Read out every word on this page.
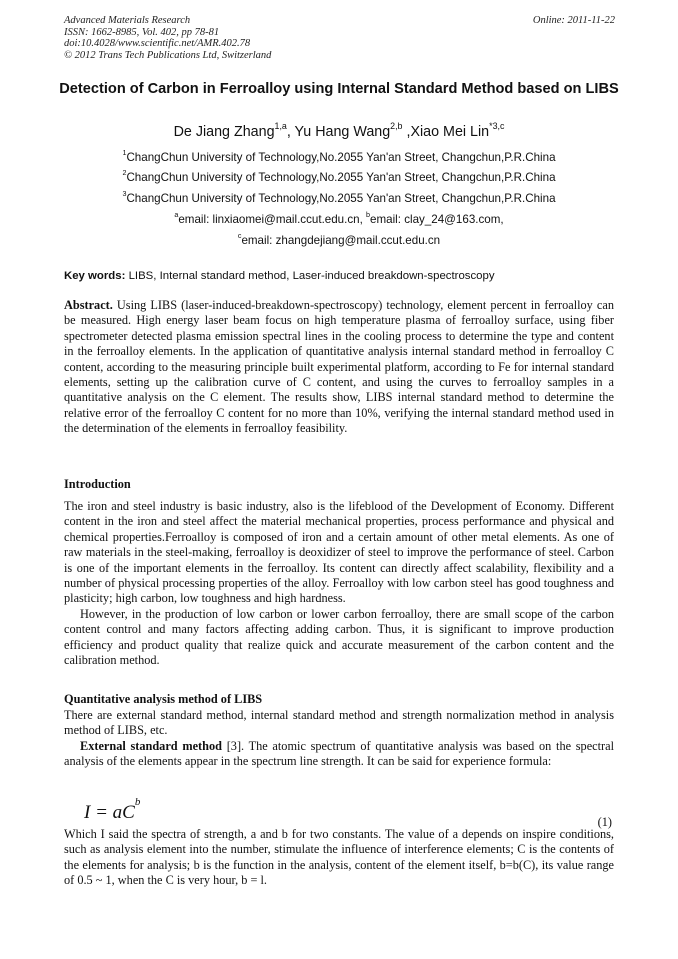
Advanced Materials Research
ISSN: 1662-8985, Vol. 402, pp 78-81
doi:10.4028/www.scientific.net/AMR.402.78
© 2012 Trans Tech Publications Ltd, Switzerland
Online: 2011-11-22
Detection of Carbon in Ferroalloy using Internal Standard Method based on LIBS
De Jiang Zhang$^{1,a}$, Yu Hang Wang$^{2,b}$ ,Xiao Mei Lin$^{*3,c}$
$^1$ChangChun University of Technology,No.2055 Yan'an Street, Changchun,P.R.China
$^2$ChangChun University of Technology,No.2055 Yan'an Street, Changchun,P.R.China
$^3$ChangChun University of Technology,No.2055 Yan'an Street, Changchun,P.R.China
$^a$email: linxiaomei@mail.ccut.edu.cn, $^b$email: clay_24@163.com,
$^c$email: zhangdejiang@mail.ccut.edu.cn
Key words: LIBS, Internal standard method, Laser-induced breakdown-spectroscopy
Abstract. Using LIBS (laser-induced-breakdown-spectroscopy) technology, element percent in ferroalloy can be measured. High energy laser beam focus on high temperature plasma of ferroalloy surface, using fiber spectrometer detected plasma emission spectral lines in the cooling process to determine the type and content in the ferroalloy elements. In the application of quantitative analysis internal standard method in ferroalloy C content, according to the measuring principle built experimental platform, according to Fe for internal standard elements, setting up the calibration curve of C content, and using the curves to ferroalloy samples in a quantitative analysis on the C element. The results show, LIBS internal standard method to determine the relative error of the ferroalloy C content for no more than 10%, verifying the internal standard method used in the determination of the elements in ferroalloy feasibility.
Introduction
The iron and steel industry is basic industry, also is the lifeblood of the Development of Economy. Different content in the iron and steel affect the material mechanical properties, process performance and physical and chemical properties.Ferroalloy is composed of iron and a certain amount of other metal elements. As one of raw materials in the steel-making, ferroalloy is deoxidizer of steel to improve the performance of steel. Carbon is one of the important elements in the ferroalloy. Its content can directly affect scalability, flexibility and a number of physical processing properties of the alloy. Ferroalloy with low carbon steel has good toughness and plasticity; high carbon, low toughness and high hardness.
However, in the production of low carbon or lower carbon ferroalloy, there are small scope of the carbon content control and many factors affecting adding carbon. Thus, it is significant to improve production efficiency and product quality that realize quick and accurate measurement of the carbon content and the calibration method.
Quantitative analysis method of LIBS
There are external standard method, internal standard method and strength normalization method in analysis method of LIBS, etc.
External standard method [3]. The atomic spectrum of quantitative analysis was based on the spectral analysis of the elements appear in the spectrum line strength. It can be said for experience formula:
$I = aC^b$
(1)
Which I said the spectra of strength, a and b for two constants. The value of a depends on inspire conditions, such as analysis element into the number, stimulate the influence of interference elements; C is the contents of the elements for analysis; b is the function in the analysis, content of the element itself, b=b(C), its value range of 0.5 ~ 1, when the C is very hour, b = l.
